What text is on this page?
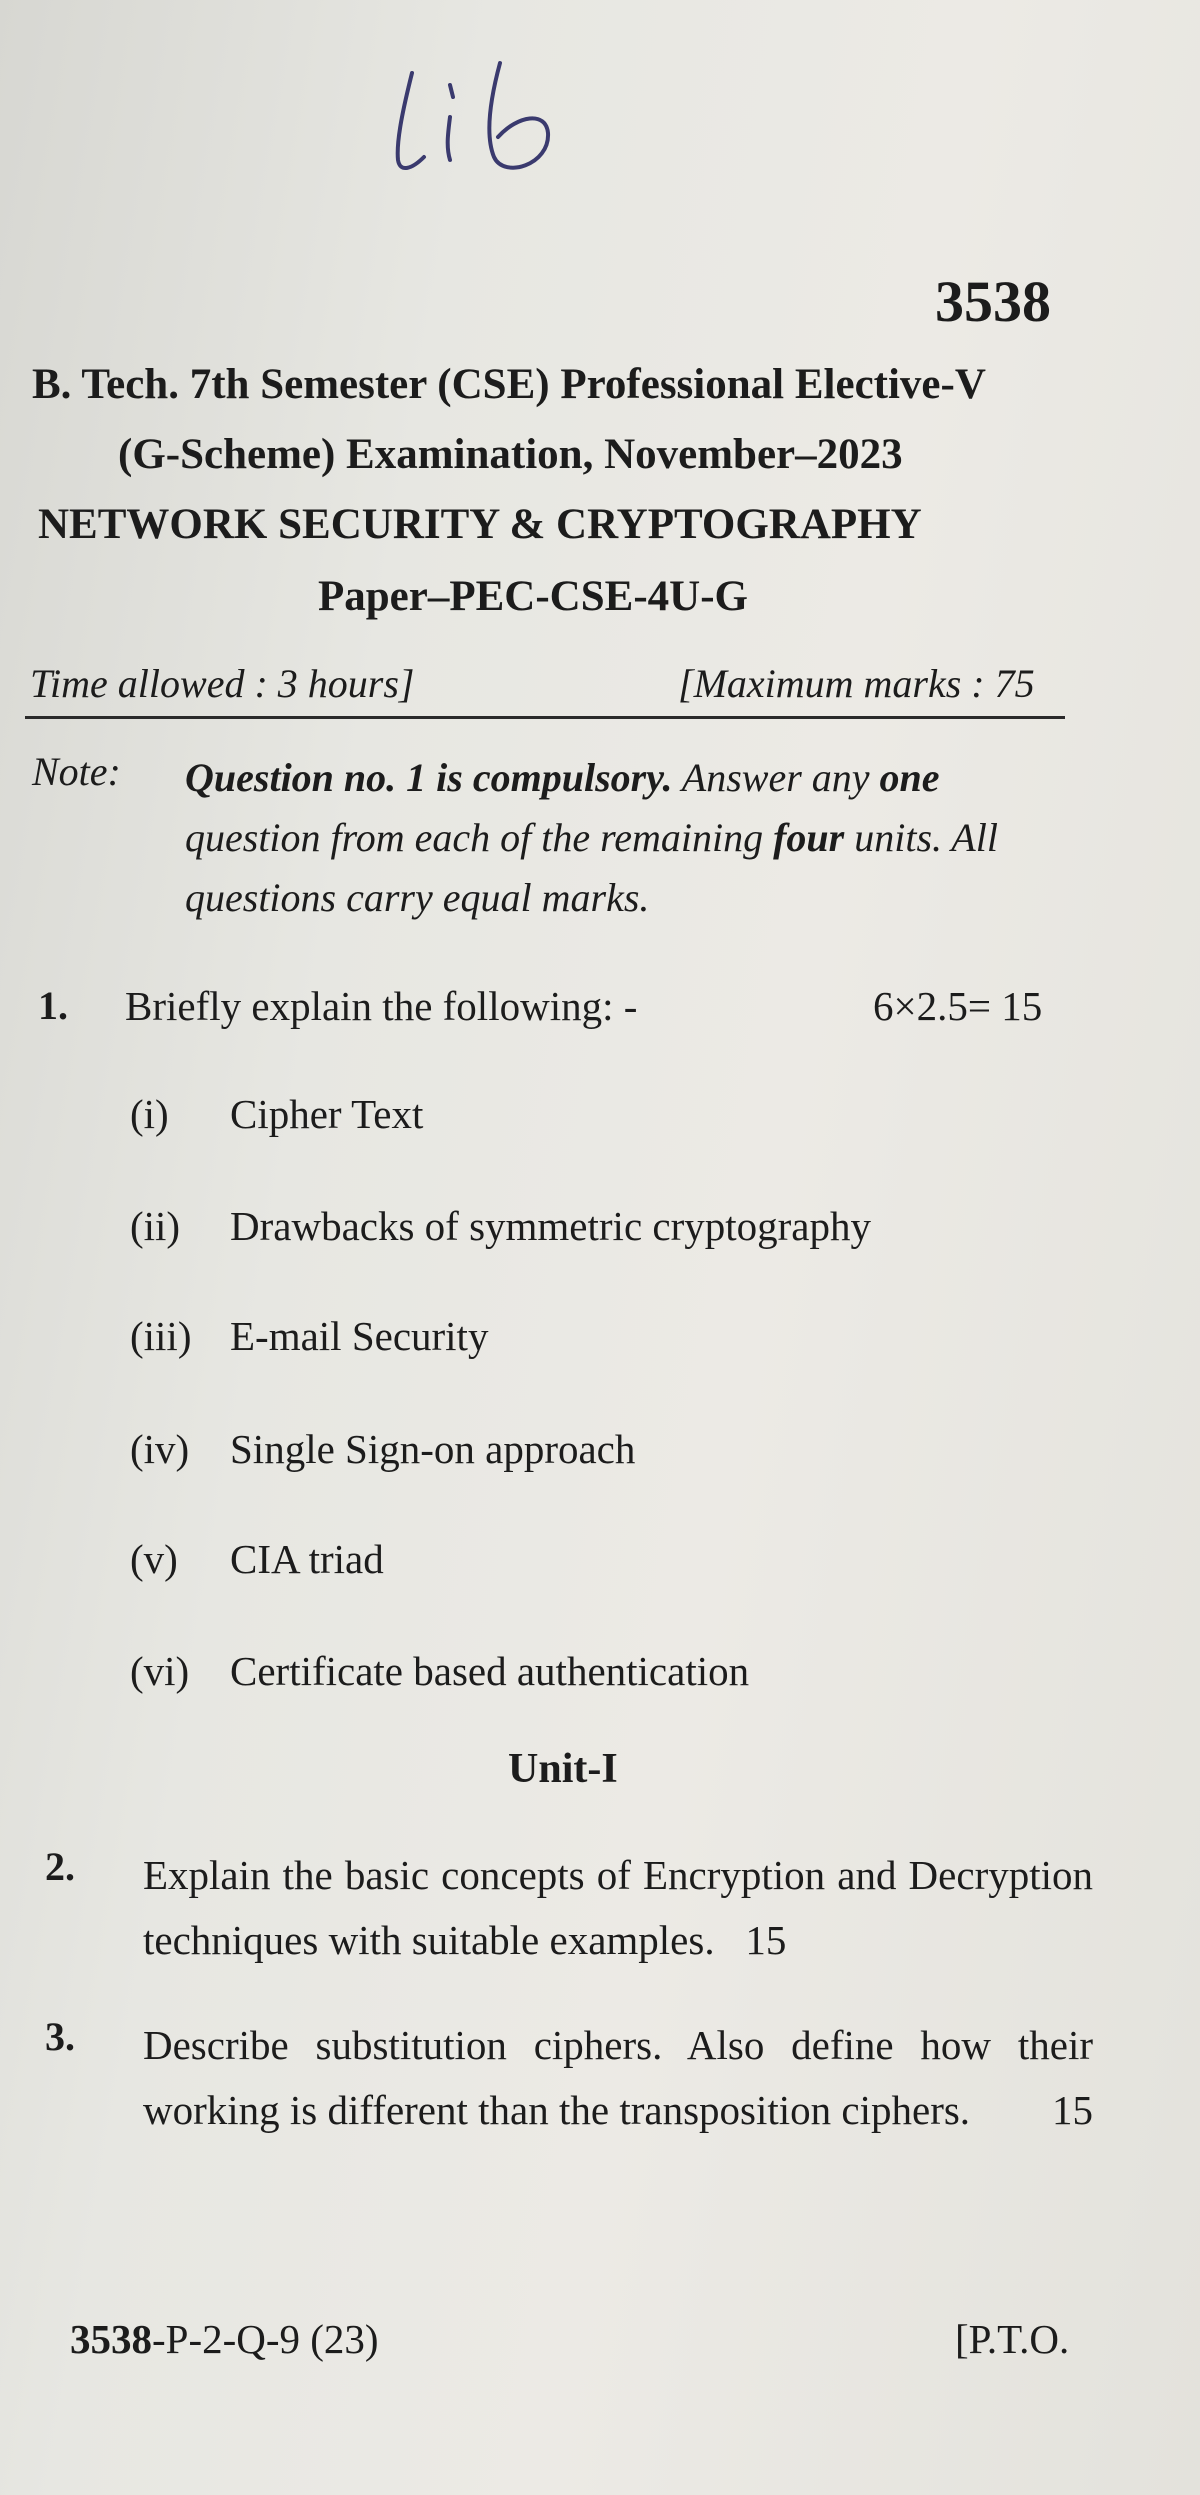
3538
B. Tech. 7th Semester (CSE) Professional Elective-V
(G-Scheme) Examination, November–2023
NETWORK SECURITY & CRYPTOGRAPHY
Paper–PEC-CSE-4U-G
Time allowed : 3 hours]	[Maximum marks : 75
Note: Question no. 1 is compulsory. Answer any one question from each of the remaining four units. All questions carry equal marks.
1. Briefly explain the following: -	6×2.5= 15
(i) Cipher Text
(ii) Drawbacks of symmetric cryptography
(iii) E-mail Security
(iv) Single Sign-on approach
(v) CIA triad
(vi) Certificate based authentication
Unit-I
2. Explain the basic concepts of Encryption and Decryption techniques with suitable examples. 15
3. Describe substitution ciphers. Also define how their working is different than the transposition ciphers. 15
3538-P-2-Q-9 (23)	[P.T.O.
